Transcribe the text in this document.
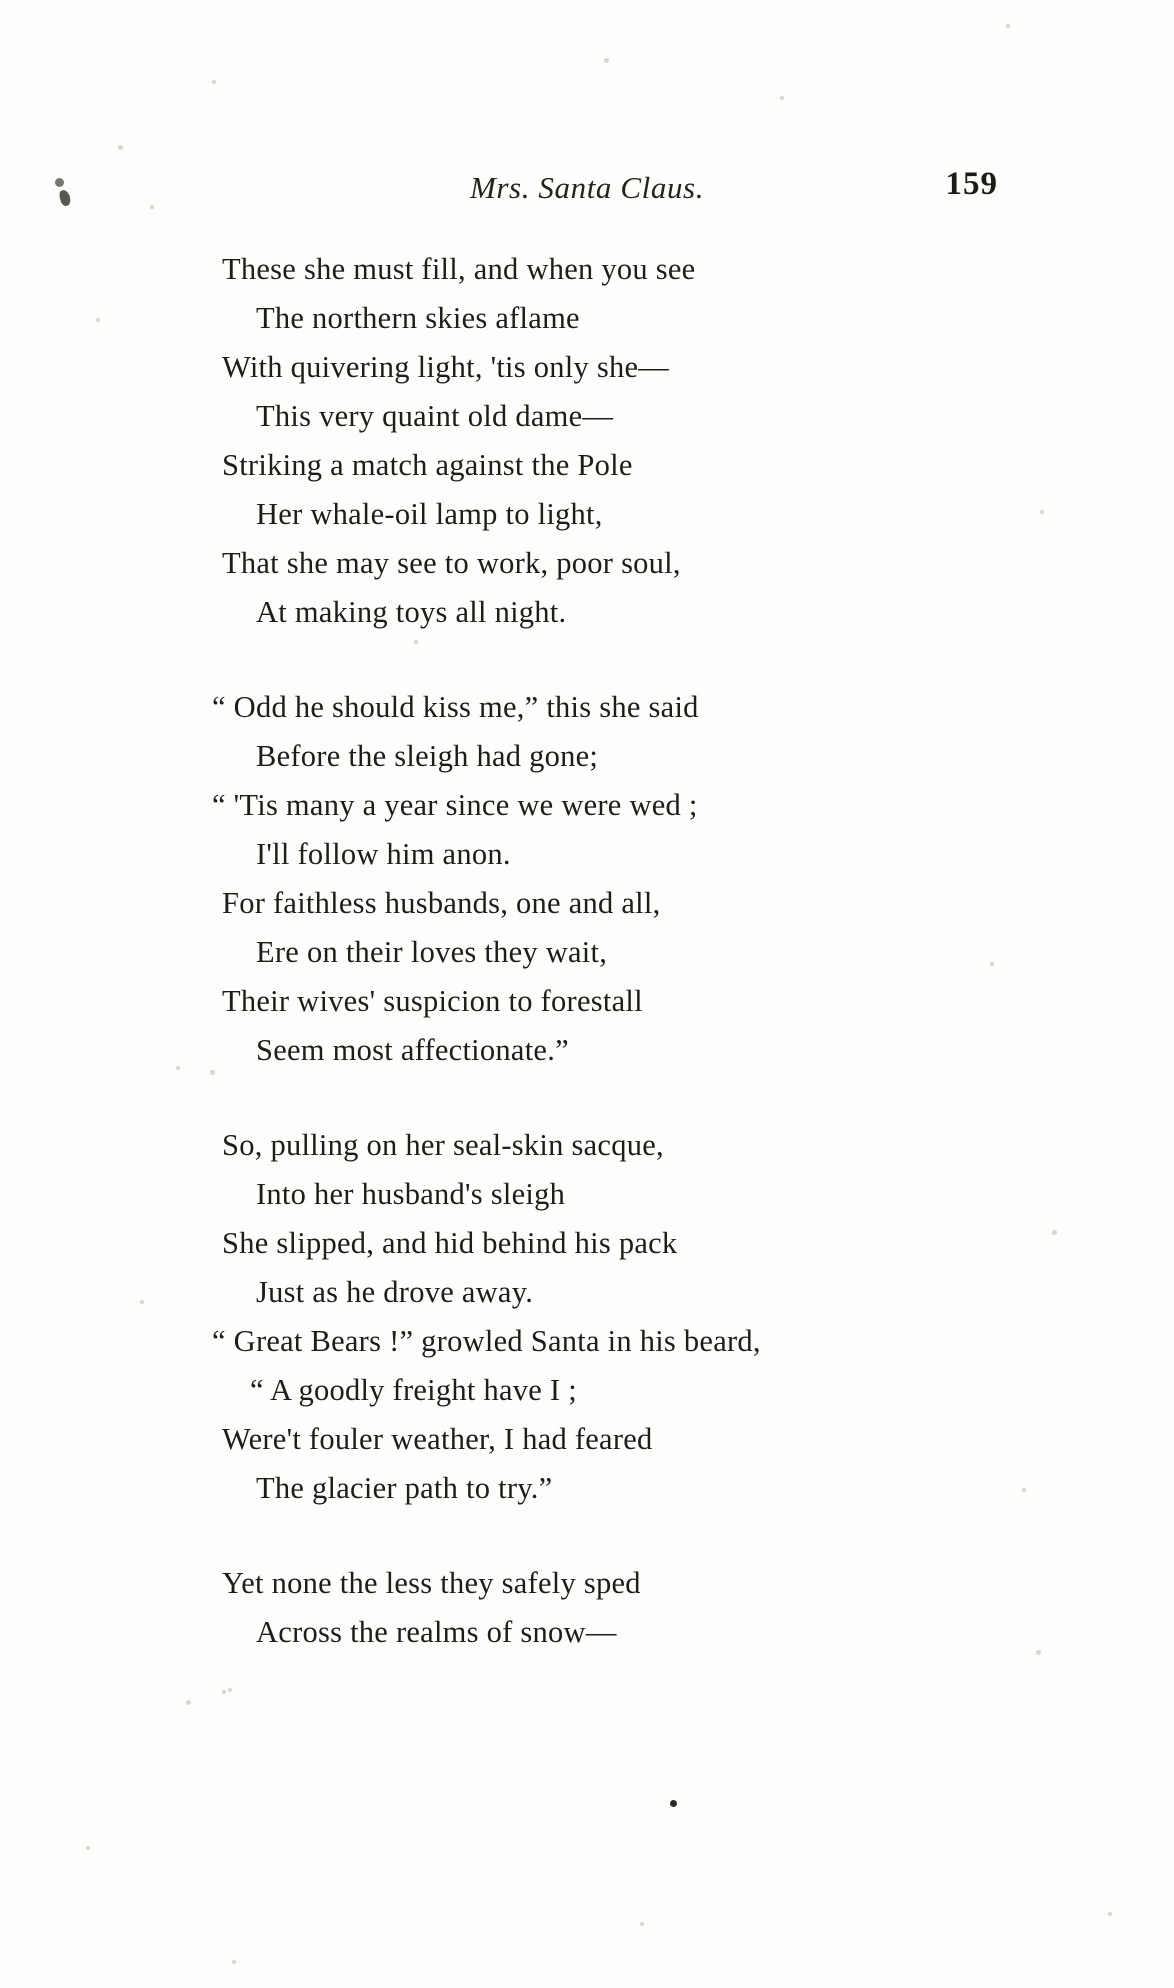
Mrs. Santa Claus.	159
These she must fill, and when you see
The northern skies aflame
With quivering light, 'tis only she—
This very quaint old dame—
Striking a match against the Pole
Her whale-oil lamp to light,
That she may see to work, poor soul,
At making toys all night.
“ Odd he should kiss me,” this she said
Before the sleigh had gone;
“ 'Tis many a year since we were wed ;
I'll follow him anon.
For faithless husbands, one and all,
Ere on their loves they wait,
Their wives' suspicion to forestall
Seem most affectionate.”
So, pulling on her seal-skin sacque,
Into her husband's sleigh
She slipped, and hid behind his pack
Just as he drove away.
“ Great Bears !” growled Santa in his beard,
“ A goodly freight have I ;
Were't fouler weather, I had feared
The glacier path to try.”
Yet none the less they safely sped
Across the realms of snow—
